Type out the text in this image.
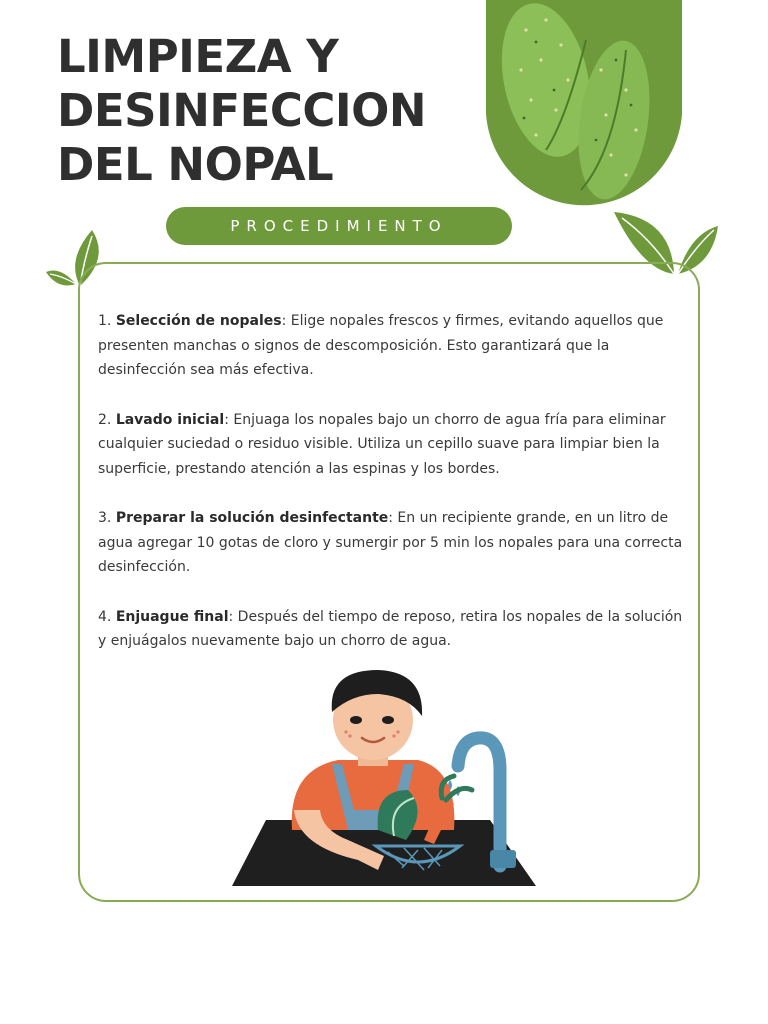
LIMPIEZA Y
DESINFECCION
DEL NOPAL
PROCEDIMIENTO

1. Selección de nopales: Elige nopales frescos y firmes, evitando aquellos que presenten manchas o signos de descomposición. Esto garantizará que la desinfección sea más efectiva.

2. Lavado inicial: Enjuaga los nopales bajo un chorro de agua fría para eliminar cualquier suciedad o residuo visible. Utiliza un cepillo suave para limpiar bien la superficie, prestando atención a las espinas y los bordes.

3. Preparar la solución desinfectante: En un recipiente grande, en un litro de agua agregar 10 gotas de cloro y sumergir por 5 min los nopales para una correcta desinfección.

4. Enjuague final: Después del tiempo de reposo, retira los nopales de la solución y enjuágalos nuevamente bajo un chorro de agua.
